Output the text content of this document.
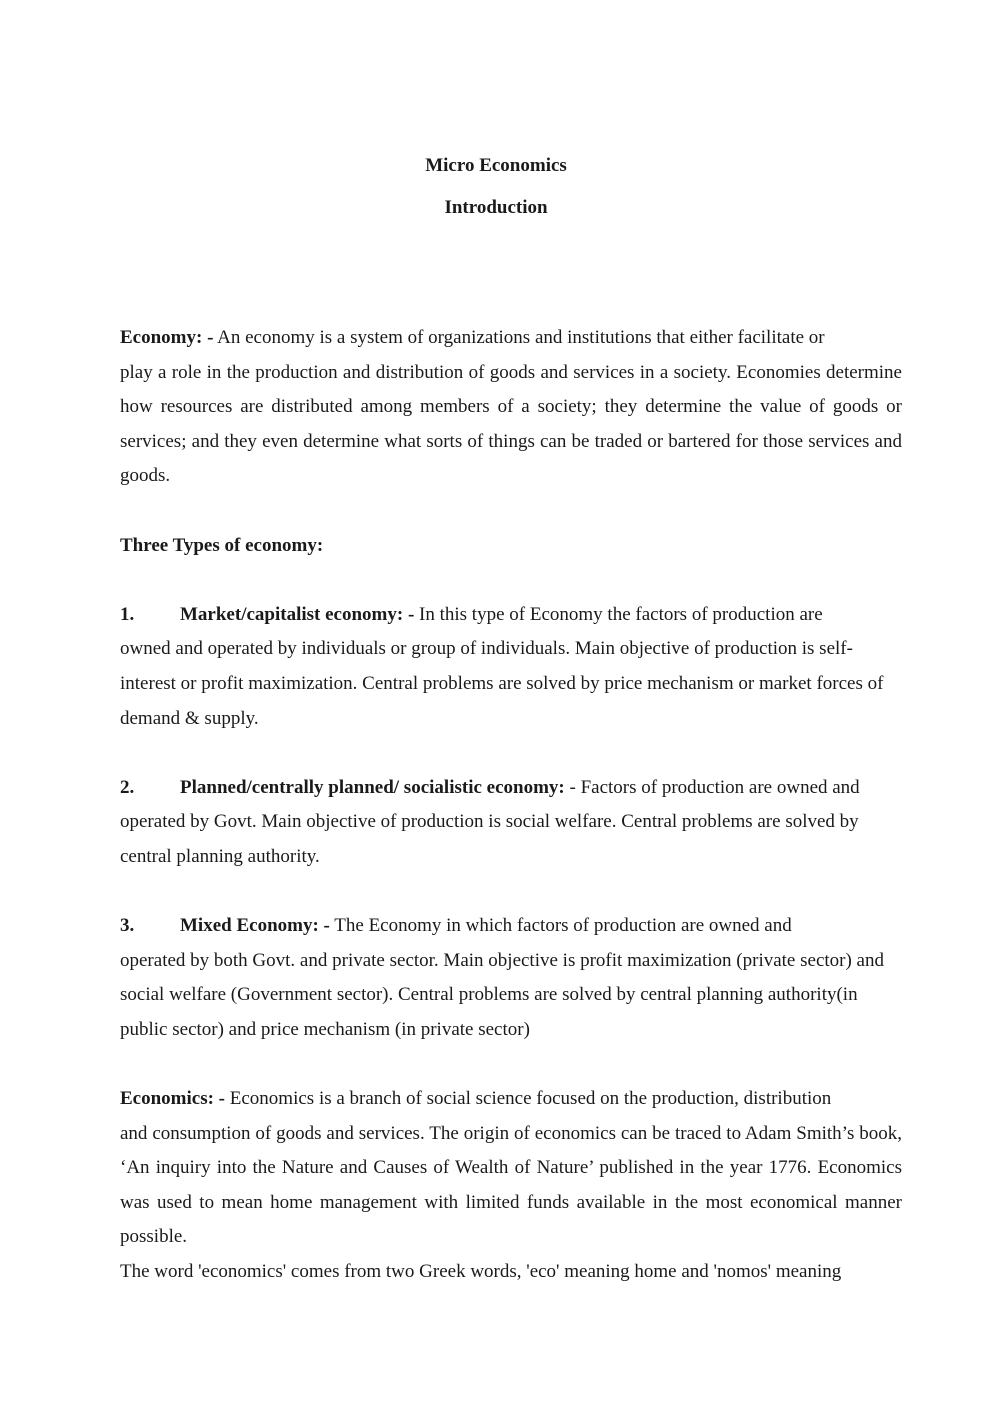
Micro Economics
Introduction

Economy: - An economy is a system of organizations and institutions that either facilitate or

play a role in the production and distribution of goods and services in a society. Economies determine how resources are distributed among members of a society; they determine the value of goods or services; and they even determine what sorts of things can be traded or bartered for those services and goods.

Three Types of economy:

1. Market/capitalist economy: - In this type of Economy the factors of production are

owned and operated by individuals or group of individuals. Main objective of production is self-interest or profit maximization. Central problems are solved by price mechanism or market forces of demand & supply.

2. Planned/centrally planned/ socialistic economy: - Factors of production are owned and

operated by Govt. Main objective of production is social welfare. Central problems are solved by central planning authority.

3. Mixed Economy: - The Economy in which factors of production are owned and

operated by both Govt. and private sector. Main objective is profit maximization (private sector) and social welfare (Government sector). Central problems are solved by central planning authority(in public sector) and price mechanism (in private sector)

Economics: - Economics is a branch of social science focused on the production, distribution

and consumption of goods and services. The origin of economics can be traced to Adam Smith’s book, ‘An inquiry into the Nature and Causes of Wealth of Nature’ published in the year 1776. Economics was used to mean home management with limited funds available in the most economical manner possible.

The word 'economics' comes from two Greek words, 'eco' meaning home and 'nomos' meaning
